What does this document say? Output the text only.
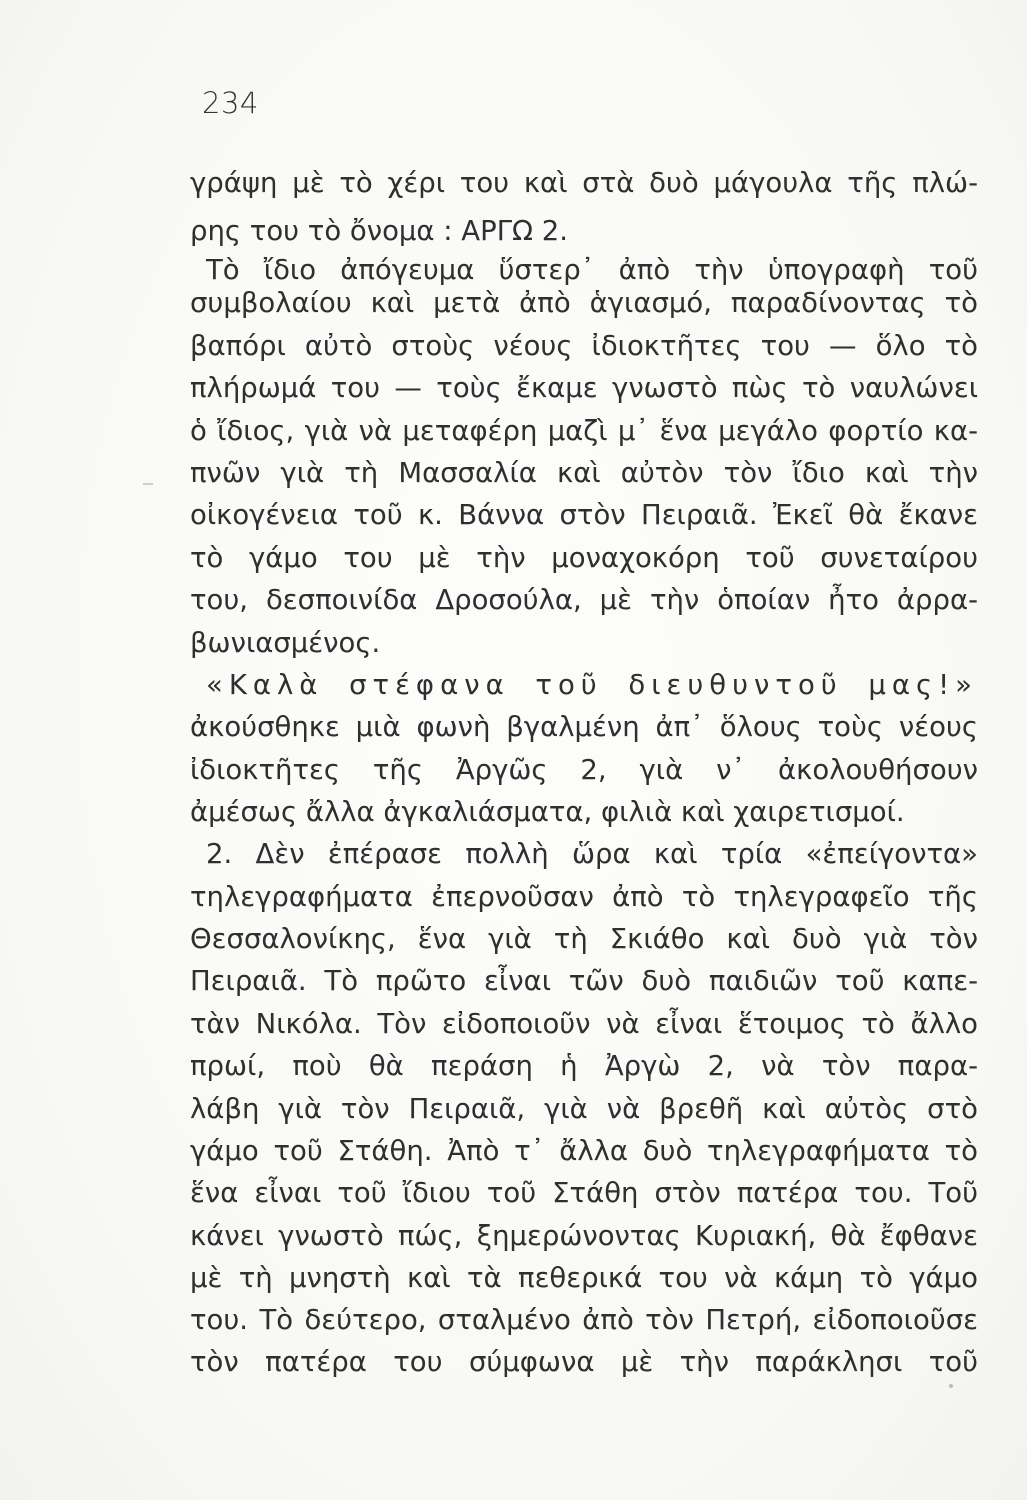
234
γράψη μὲ τὸ χέρι του καὶ στὰ δυὸ μάγουλα τῆς πλώ-
ρης του τὸ ὄνομα : ΑΡΓΩ 2.
Τὸ ἴδιο ἀπόγευμα ὕστερ᾽ ἀπὸ τὴν ὑπογραφὴ τοῦ
συμβολαίου καὶ μετὰ ἀπὸ ἁγιασμό, παραδίνοντας τὸ
βαπόρι αὐτὸ στοὺς νέους ἰδιοκτῆτες του — ὅλο τὸ
πλήρωμά του — τοὺς ἔκαμε γνωστὸ πὼς τὸ ναυλώνει
ὁ ἴδιος, γιὰ νὰ μεταφέρη μαζὶ μ᾽ ἕνα μεγάλο φορτίο κα-
πνῶν γιὰ τὴ Μασσαλία καὶ αὐτὸν τὸν ἴδιο καὶ τὴν
οἰκογένεια τοῦ κ. Βάννα στὸν Πειραιᾶ. Ἐκεῖ θὰ ἔκανε
τὸ γάμο του μὲ τὴν μοναχοκόρη τοῦ συνεταίρου
του, δεσποινίδα Δροσούλα, μὲ τὴν ὁποίαν ἦτο ἀρρα-
βωνιασμένος.
«Καλὰ στέφανα τοῦ διευθυντοῦ μας!»
ἀκούσθηκε μιὰ φωνὴ βγαλμένη ἀπ᾽ ὅλους τοὺς νέους
ἰδιοκτῆτες τῆς Ἀργῶς 2, γιὰ ν᾽ ἀκολουθήσουν
ἀμέσως ἄλλα ἀγκαλιάσματα, φιλιὰ καὶ χαιρετισμοί.
2. Δὲν ἐπέρασε πολλὴ ὥρα καὶ τρία «ἐπείγοντα»
τηλεγραφήματα ἐπερνοῦσαν ἀπὸ τὸ τηλεγραφεῖο τῆς
Θεσσαλονίκης, ἕνα γιὰ τὴ Σκιάθο καὶ δυὸ γιὰ τὸν
Πειραιᾶ. Τὸ πρῶτο εἶναι τῶν δυὸ παιδιῶν τοῦ καπε-
τὰν Νικόλα. Τὸν εἰδοποιοῦν νὰ εἶναι ἕτοιμος τὸ ἄλλο
πρωί, ποὺ θὰ περάση ἡ Ἀργὼ 2, νὰ τὸν παρα-
λάβη γιὰ τὸν Πειραιᾶ, γιὰ νὰ βρεθῆ καὶ αὐτὸς στὸ
γάμο τοῦ Στάθη. Ἀπὸ τ᾽ ἄλλα δυὸ τηλεγραφήματα τὸ
ἕνα εἶναι τοῦ ἴδιου τοῦ Στάθη στὸν πατέρα του. Τοῦ
κάνει γνωστὸ πώς, ξημερώνοντας Κυριακή, θὰ ἔφθανε
μὲ τὴ μνηστὴ καὶ τὰ πεθερικά του νὰ κάμη τὸ γάμο
του. Τὸ δεύτερο, σταλμένο ἀπὸ τὸν Πετρή, εἰδοποιοῦσε
τὸν πατέρα του σύμφωνα μὲ τὴν παράκλησι τοῦ
